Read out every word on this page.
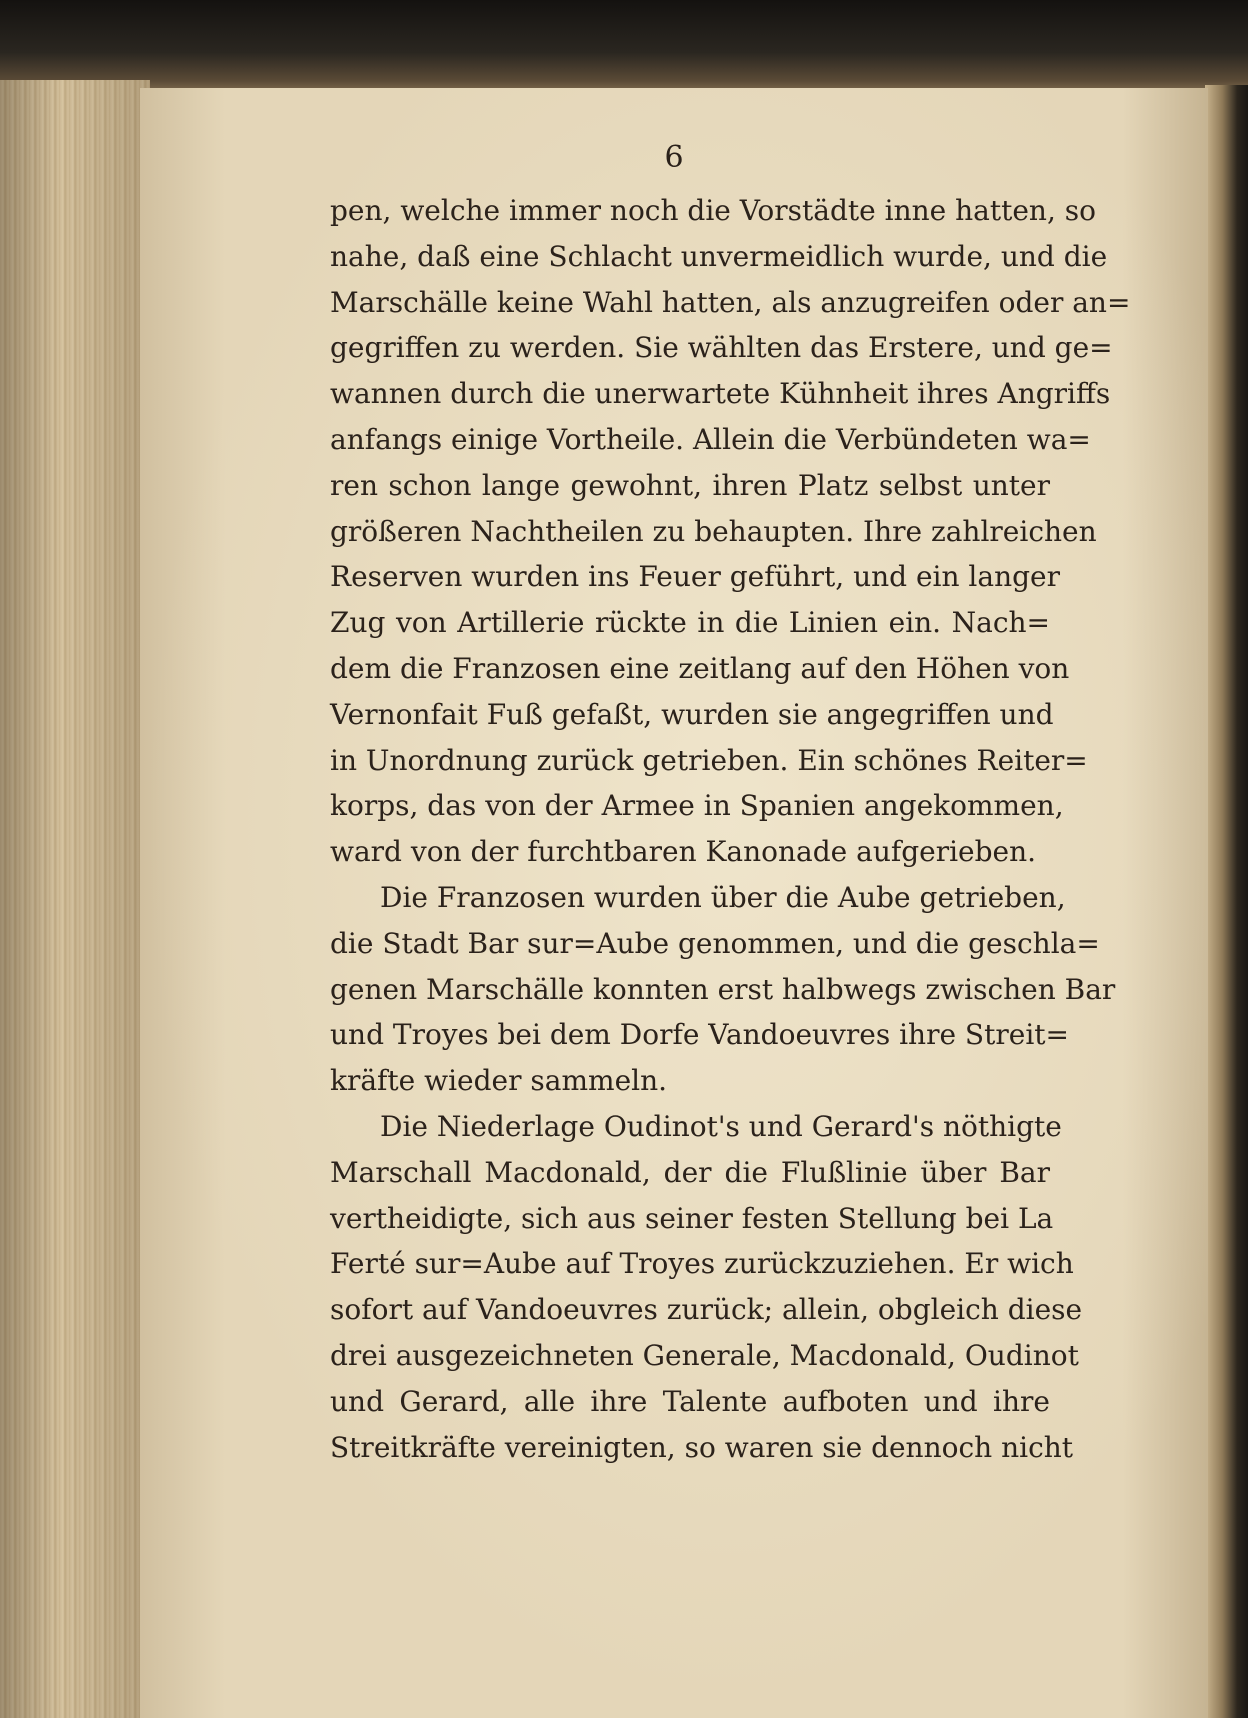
6
pen, welche immer noch die Vorstädte inne hatten, so
nahe, daß eine Schlacht unvermeidlich wurde, und die
Marschälle keine Wahl hatten, als anzugreifen oder an=
gegriffen zu werden. Sie wählten das Erstere, und ge=
wannen durch die unerwartete Kühnheit ihres Angriffs
anfangs einige Vortheile. Allein die Verbündeten wa=
ren schon lange gewohnt, ihren Platz selbst unter
größeren Nachtheilen zu behaupten. Ihre zahlreichen
Reserven wurden ins Feuer geführt, und ein langer
Zug von Artillerie rückte in die Linien ein. Nach=
dem die Franzosen eine zeitlang auf den Höhen von
Vernonfait Fuß gefaßt, wurden sie angegriffen und
in Unordnung zurück getrieben. Ein schönes Reiter=
korps, das von der Armee in Spanien angekommen,
ward von der furchtbaren Kanonade aufgerieben.
Die Franzosen wurden über die Aube getrieben,
die Stadt Bar sur=Aube genommen, und die geschla=
genen Marschälle konnten erst halbwegs zwischen Bar
und Troyes bei dem Dorfe Vandoeuvres ihre Streit=
kräfte wieder sammeln.
Die Niederlage Oudinot's und Gerard's nöthigte
Marschall Macdonald, der die Flußlinie über Bar
vertheidigte, sich aus seiner festen Stellung bei La
Ferté sur=Aube auf Troyes zurückzuziehen. Er wich
sofort auf Vandoeuvres zurück; allein, obgleich diese
drei ausgezeichneten Generale, Macdonald, Oudinot
und Gerard, alle ihre Talente aufboten und ihre
Streitkräfte vereinigten, so waren sie dennoch nicht
